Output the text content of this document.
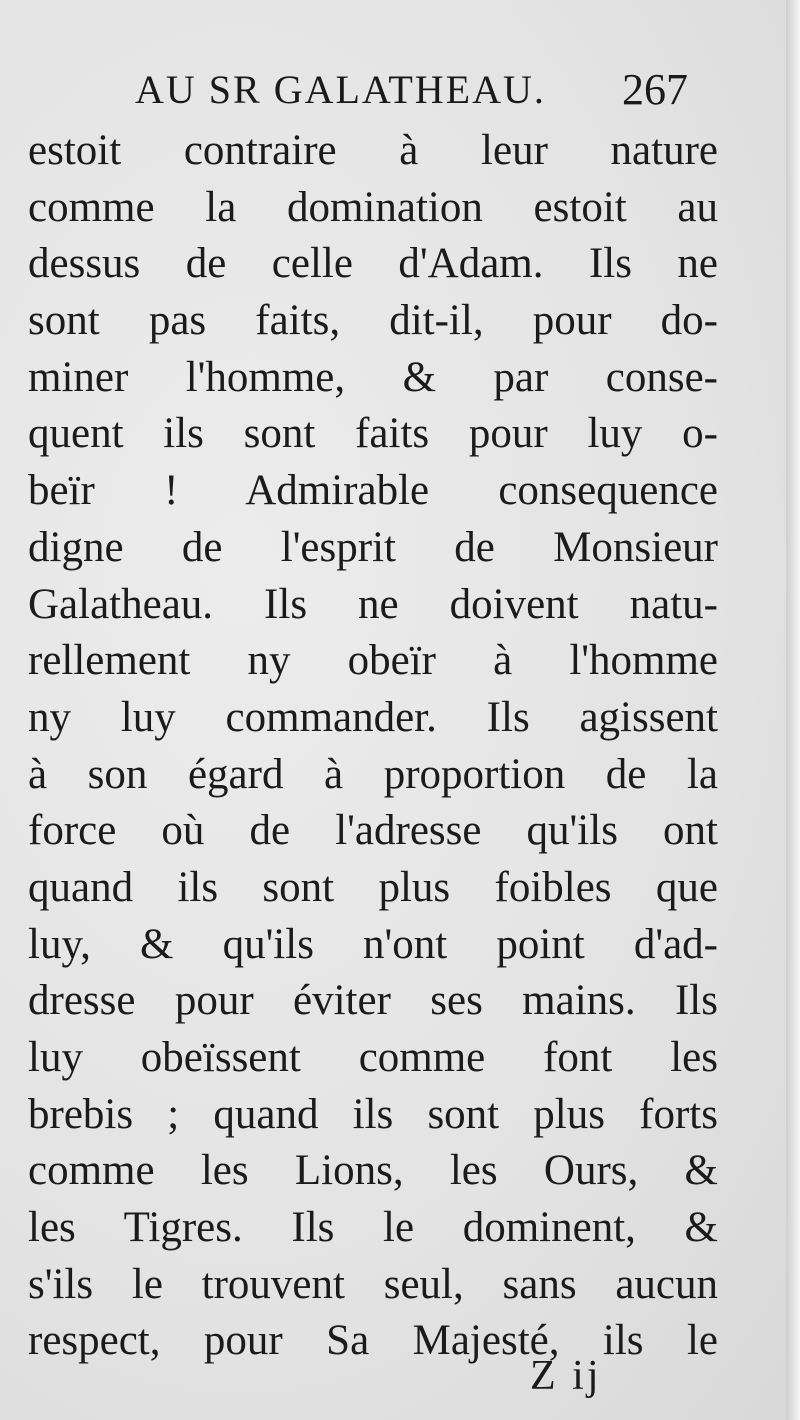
AU SR GALATHEAU. 267
estoit contraire à leur nature
comme la domination estoit au
dessus de celle d'Adam. Ils ne
sont pas faits, dit-il, pour do-
miner l'homme, & par conse-
quent ils sont faits pour luy o-
beïr ! Admirable consequence
digne de l'esprit de Monsieur
Galatheau. Ils ne doivent natu-
rellement ny obeïr à l'homme
ny luy commander. Ils agissent
à son égard à proportion de la
force où de l'adresse qu'ils ont
quand ils sont plus foibles que
luy, & qu'ils n'ont point d'ad-
dresse pour éviter ses mains. Ils
luy obeïssent comme font les
brebis ; quand ils sont plus forts
comme les Lions, les Ours, &
les Tigres. Ils le dominent, &
s'ils le trouvent seul, sans aucun
respect, pour Sa Majesté, ils le
Z ij
